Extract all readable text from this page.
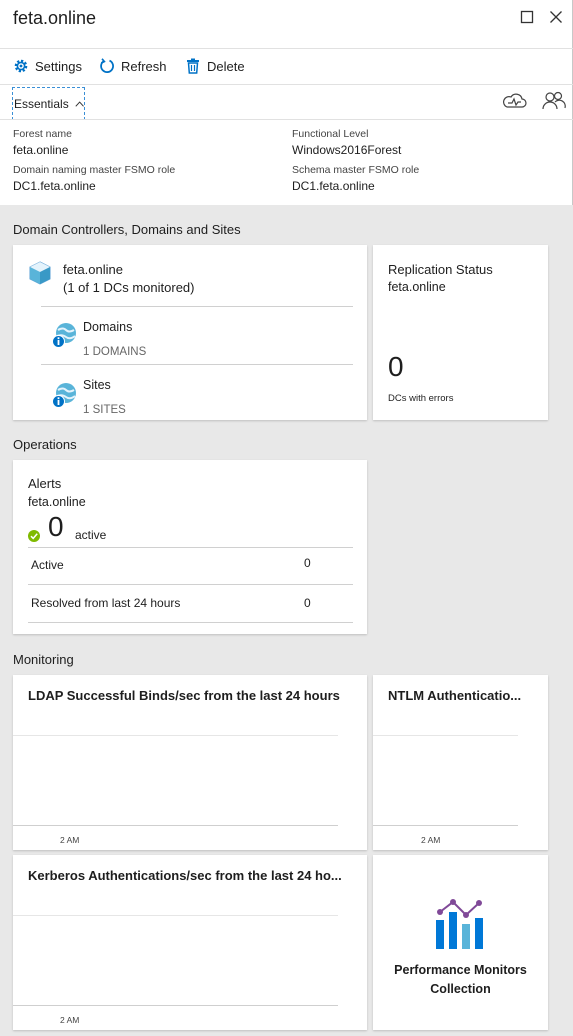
feta.online
Settings	Refresh	Delete
Essentials
Forest name
feta.online
Functional Level
Windows2016Forest
Domain naming master FSMO role
DC1.feta.online
Schema master FSMO role
DC1.feta.online
Domain Controllers, Domains and Sites
feta.online
(1 of 1 DCs monitored)
Domains
1 DOMAINS
Sites
1 SITES
Replication Status
feta.online
0
DCs with errors
Operations
Alerts
feta.online
0 active
Active	0
Resolved from last 24 hours	0
Monitoring
LDAP Successful Binds/sec from the last 24 hours
2 AM
NTLM Authenticatio...
2 AM
Kerberos Authentications/sec from the last 24 ho...
2 AM
Performance Monitors
Collection
